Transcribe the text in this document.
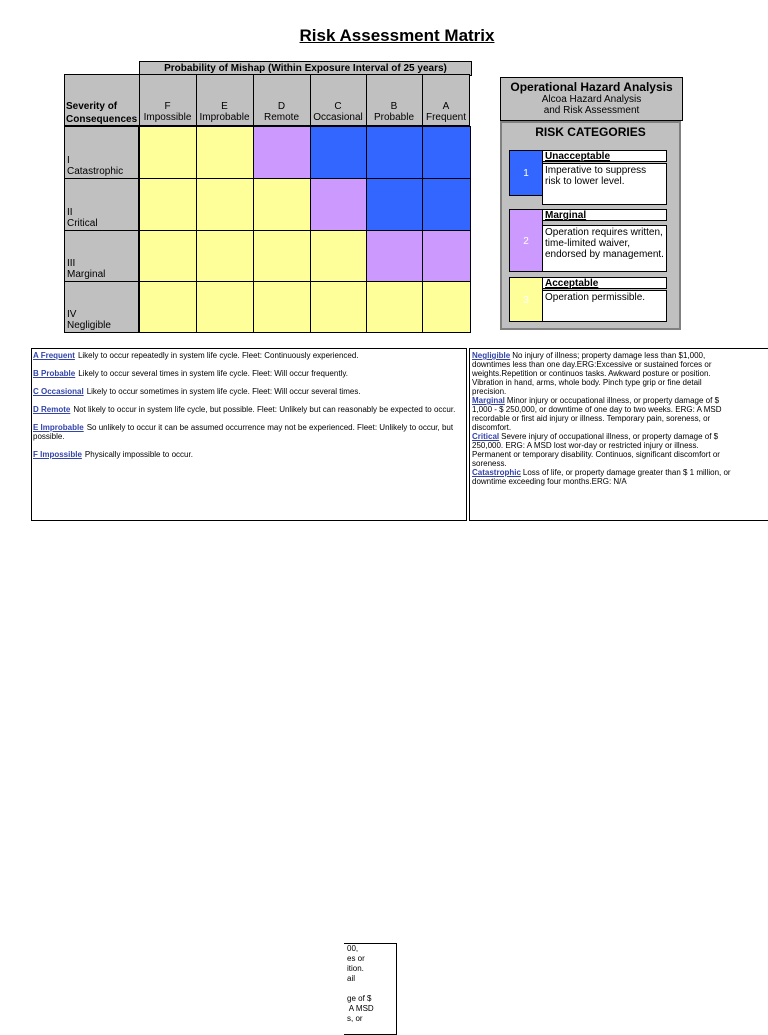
Risk Assessment Matrix
Probability of Mishap (Within Exposure Interval of 25 years)
Severity of
Consequences
F
Impossible
E
Improbable
D
Remote
C
Occasional
B
Probable
A
Frequent
I
Catastrophic
II
Critical
III
Marginal
IV
Negligible
Operational Hazard Analysis
Alcoa Hazard Analysis
and Risk Assessment
RISK CATEGORIES
1
Unacceptable
Imperative to suppress risk to lower level.
2
Marginal
Operation requires written, time-limited waiver, endorsed by management.
3
Acceptable
Operation permissible.
A Frequent Likely to occur repeatedly in system life cycle. Fleet: Continuously experienced.
B Probable Likely to occur several times in system life cycle. Fleet: Will occur frequently.
C Occasional Likely to occur sometimes in system life cycle. Fleet: Will occur several times.
D Remote Not likely to occur in system life cycle, but possible. Fleet: Unlikely but can reasonably be expected to occur.
E Improbable So unlikely to occur it can be assumed occurrence may not be experienced. Fleet: Unlikely to occur, but possible.
F Impossible Physically impossible to occur.
Negligible No injury of illness; property damage less than $1,000, downtimes less than one day.ERG:Excessive or sustained forces or weights.Repetition or continuos tasks. Awkward posture or position. Vibration in hand, arms, whole body. Pinch type grip or fine detail precision.
Marginal Minor injury or occupational illness, or property damage of $ 1,000 - $ 250,000, or downtime of one day to two weeks. ERG: A MSD recordable or first aid injury or illness. Temporary pain, soreness, or discomfort.
Critical Severe injury of occupational illness, or property damage of $ 250,000. ERG: A MSD lost wor-day or restricted injury or illness. Permanent or temporary disability. Continuos, significant discomfort or soreness.
Catastrophic Loss of life, or property damage greater than $ 1 million, or downtime exceeding four months.ERG: N/A
00,
es or
ition.
ail

ge of $
A MSD
s, or
